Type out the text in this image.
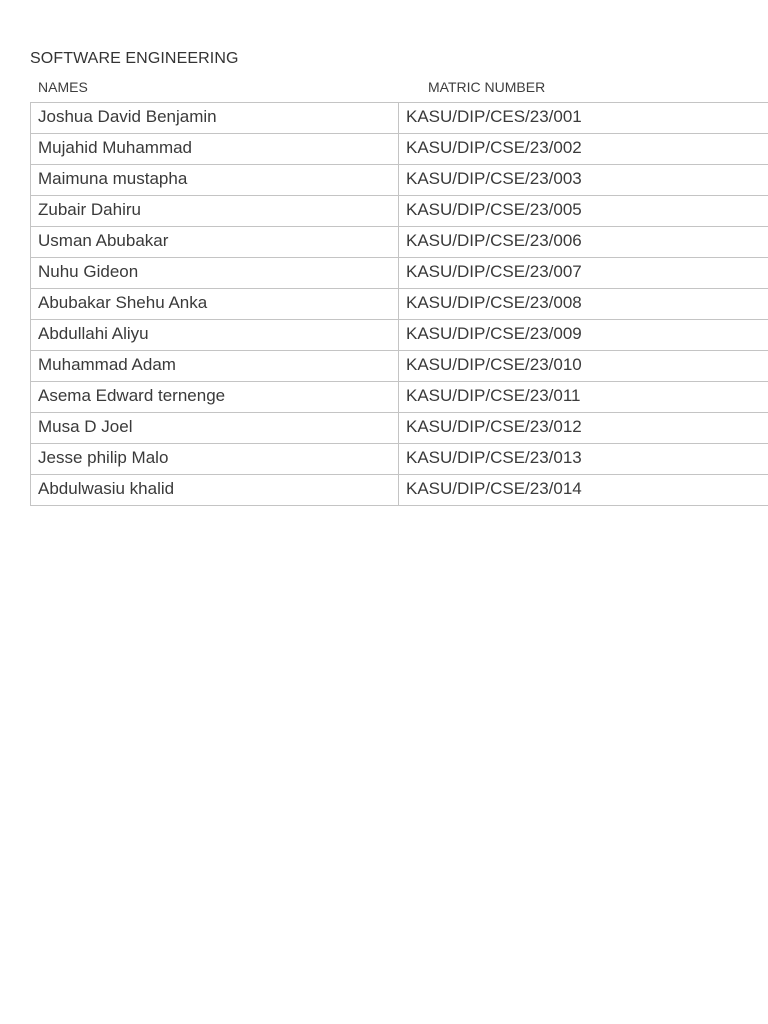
SOFTWARE ENGINEERING
NAMES	MATRIC NUMBER
Joshua David Benjamin	KASU/DIP/CES/23/001
Mujahid Muhammad	KASU/DIP/CSE/23/002
Maimuna mustapha	KASU/DIP/CSE/23/003
Zubair Dahiru	KASU/DIP/CSE/23/005
Usman Abubakar	KASU/DIP/CSE/23/006
Nuhu Gideon	KASU/DIP/CSE/23/007
Abubakar Shehu Anka	KASU/DIP/CSE/23/008
Abdullahi Aliyu	KASU/DIP/CSE/23/009
Muhammad Adam	KASU/DIP/CSE/23/010
Asema Edward ternenge	KASU/DIP/CSE/23/011
Musa D Joel	KASU/DIP/CSE/23/012
Jesse philip Malo	KASU/DIP/CSE/23/013
Abdulwasiu khalid	KASU/DIP/CSE/23/014
